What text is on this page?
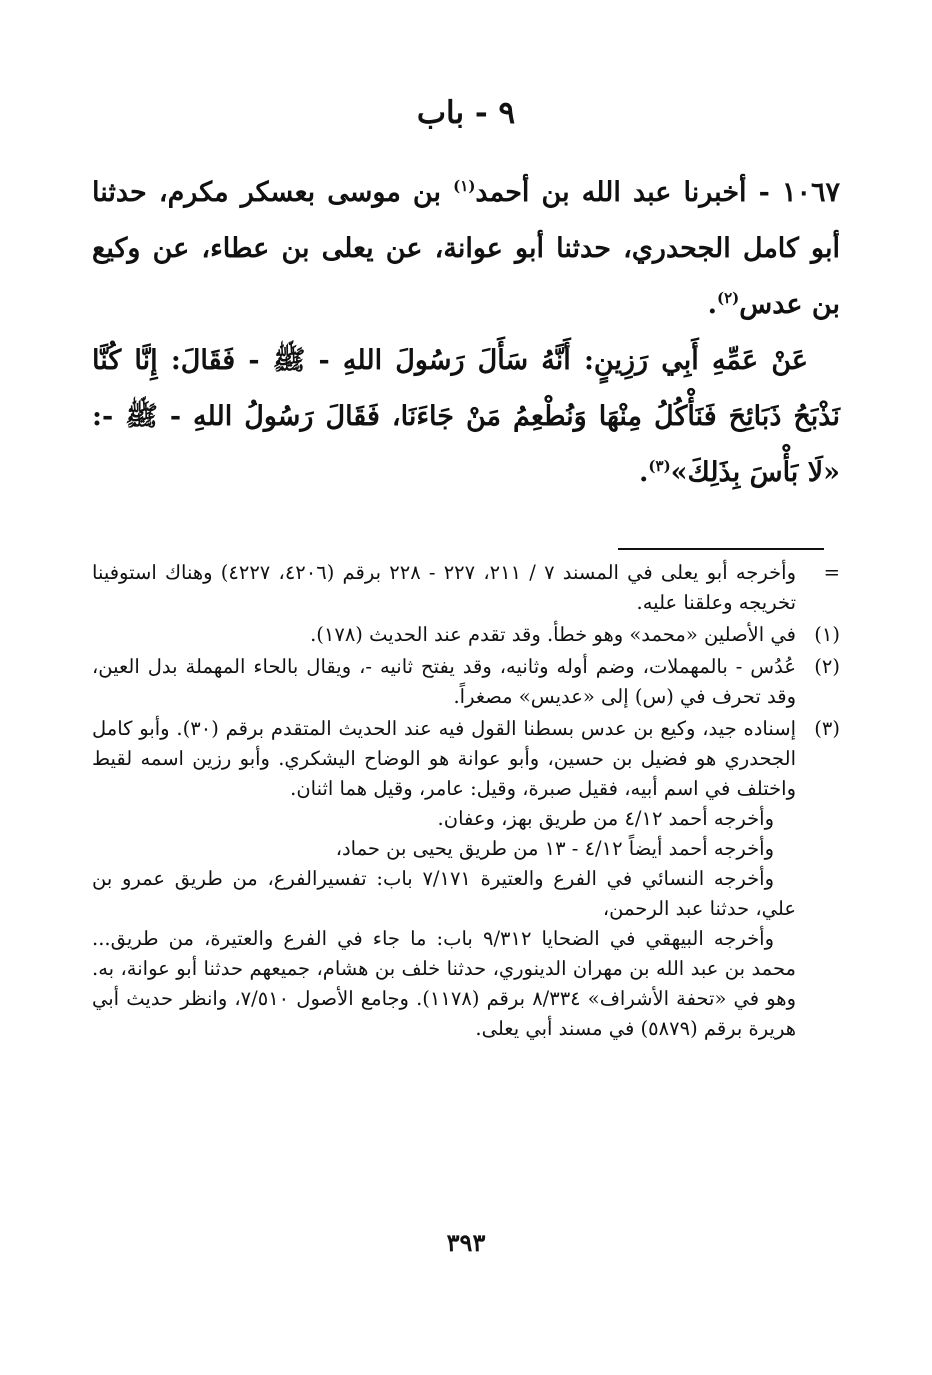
٩ - باب

١٠٦٧ - أخبرنا عبد الله بن أحمد$^{(١)}$ بن موسى بعسكر مكرم، حدثنا أبو كامل الجحدري، حدثنا أبو عوانة، عن يعلى بن عطاء، عن وكيع بن عدس$^{(٢)}$.

عَنْ عَمِّهِ أَبِي رَزِينٍ: أَنَّهُ سَأَلَ رَسُولَ اللهِ - ﷺ - فَقَالَ: إِنَّا كُنَّا نَذْبَحُ ذَبَائِحَ فَنَأْكُلُ مِنْهَا وَنُطْعِمُ مَنْ جَاءَنَا، فَقَالَ رَسُولُ اللهِ - ﷺ -: «لَا بَأْسَ بِذَلِكَ»$^{(٣)}$.

=
وأخرجه أبو يعلى في المسند ٧ / ٢١١، ٢٢٧ - ٢٢٨ برقم (٤٢٠٦، ٤٢٢٧) وهناك استوفينا تخريجه وعلقنا عليه.
(١)
في الأصلين «محمد» وهو خطأ. وقد تقدم عند الحديث (١٧٨).
(٢)
عُدُس - بالمهملات، وضم أوله وثانيه، وقد يفتح ثانيه -، ويقال بالحاء المهملة بدل العين، وقد تحرف في (س) إلى «عديس» مصغراً.
(٣)
إسناده جيد، وكيع بن عدس بسطنا القول فيه عند الحديث المتقدم برقم (٣٠). وأبو كامل الجحدري هو فضيل بن حسين، وأبو عوانة هو الوضاح اليشكري. وأبو رزين اسمه لقيط واختلف في اسم أبيه، فقيل صبرة، وقيل: عامر، وقيل هما اثنان.
وأخرجه أحمد ٤/١٢ من طريق بهز، وعفان.
وأخرجه أحمد أيضاً ٤/١٢ - ١٣ من طريق يحيى بن حماد،
وأخرجه النسائي في الفرع والعتيرة ٧/١٧١ باب: تفسيرالفرع، من طريق عمرو بن علي، حدثنا عبد الرحمن،
وأخرجه البيهقي في الضحايا ٩/٣١٢ باب: ما جاء في الفرع والعتيرة، من طريق... محمد بن عبد الله بن مهران الدينوري، حدثنا خلف بن هشام، جميعهم حدثنا أبو عوانة، به. وهو في «تحفة الأشراف» ٨/٣٣٤ برقم (١١٧٨). وجامع الأصول ٧/٥١٠، وانظر حديث أبي هريرة برقم (٥٨٧٩) في مسند أبي يعلى.
٣٩٣
